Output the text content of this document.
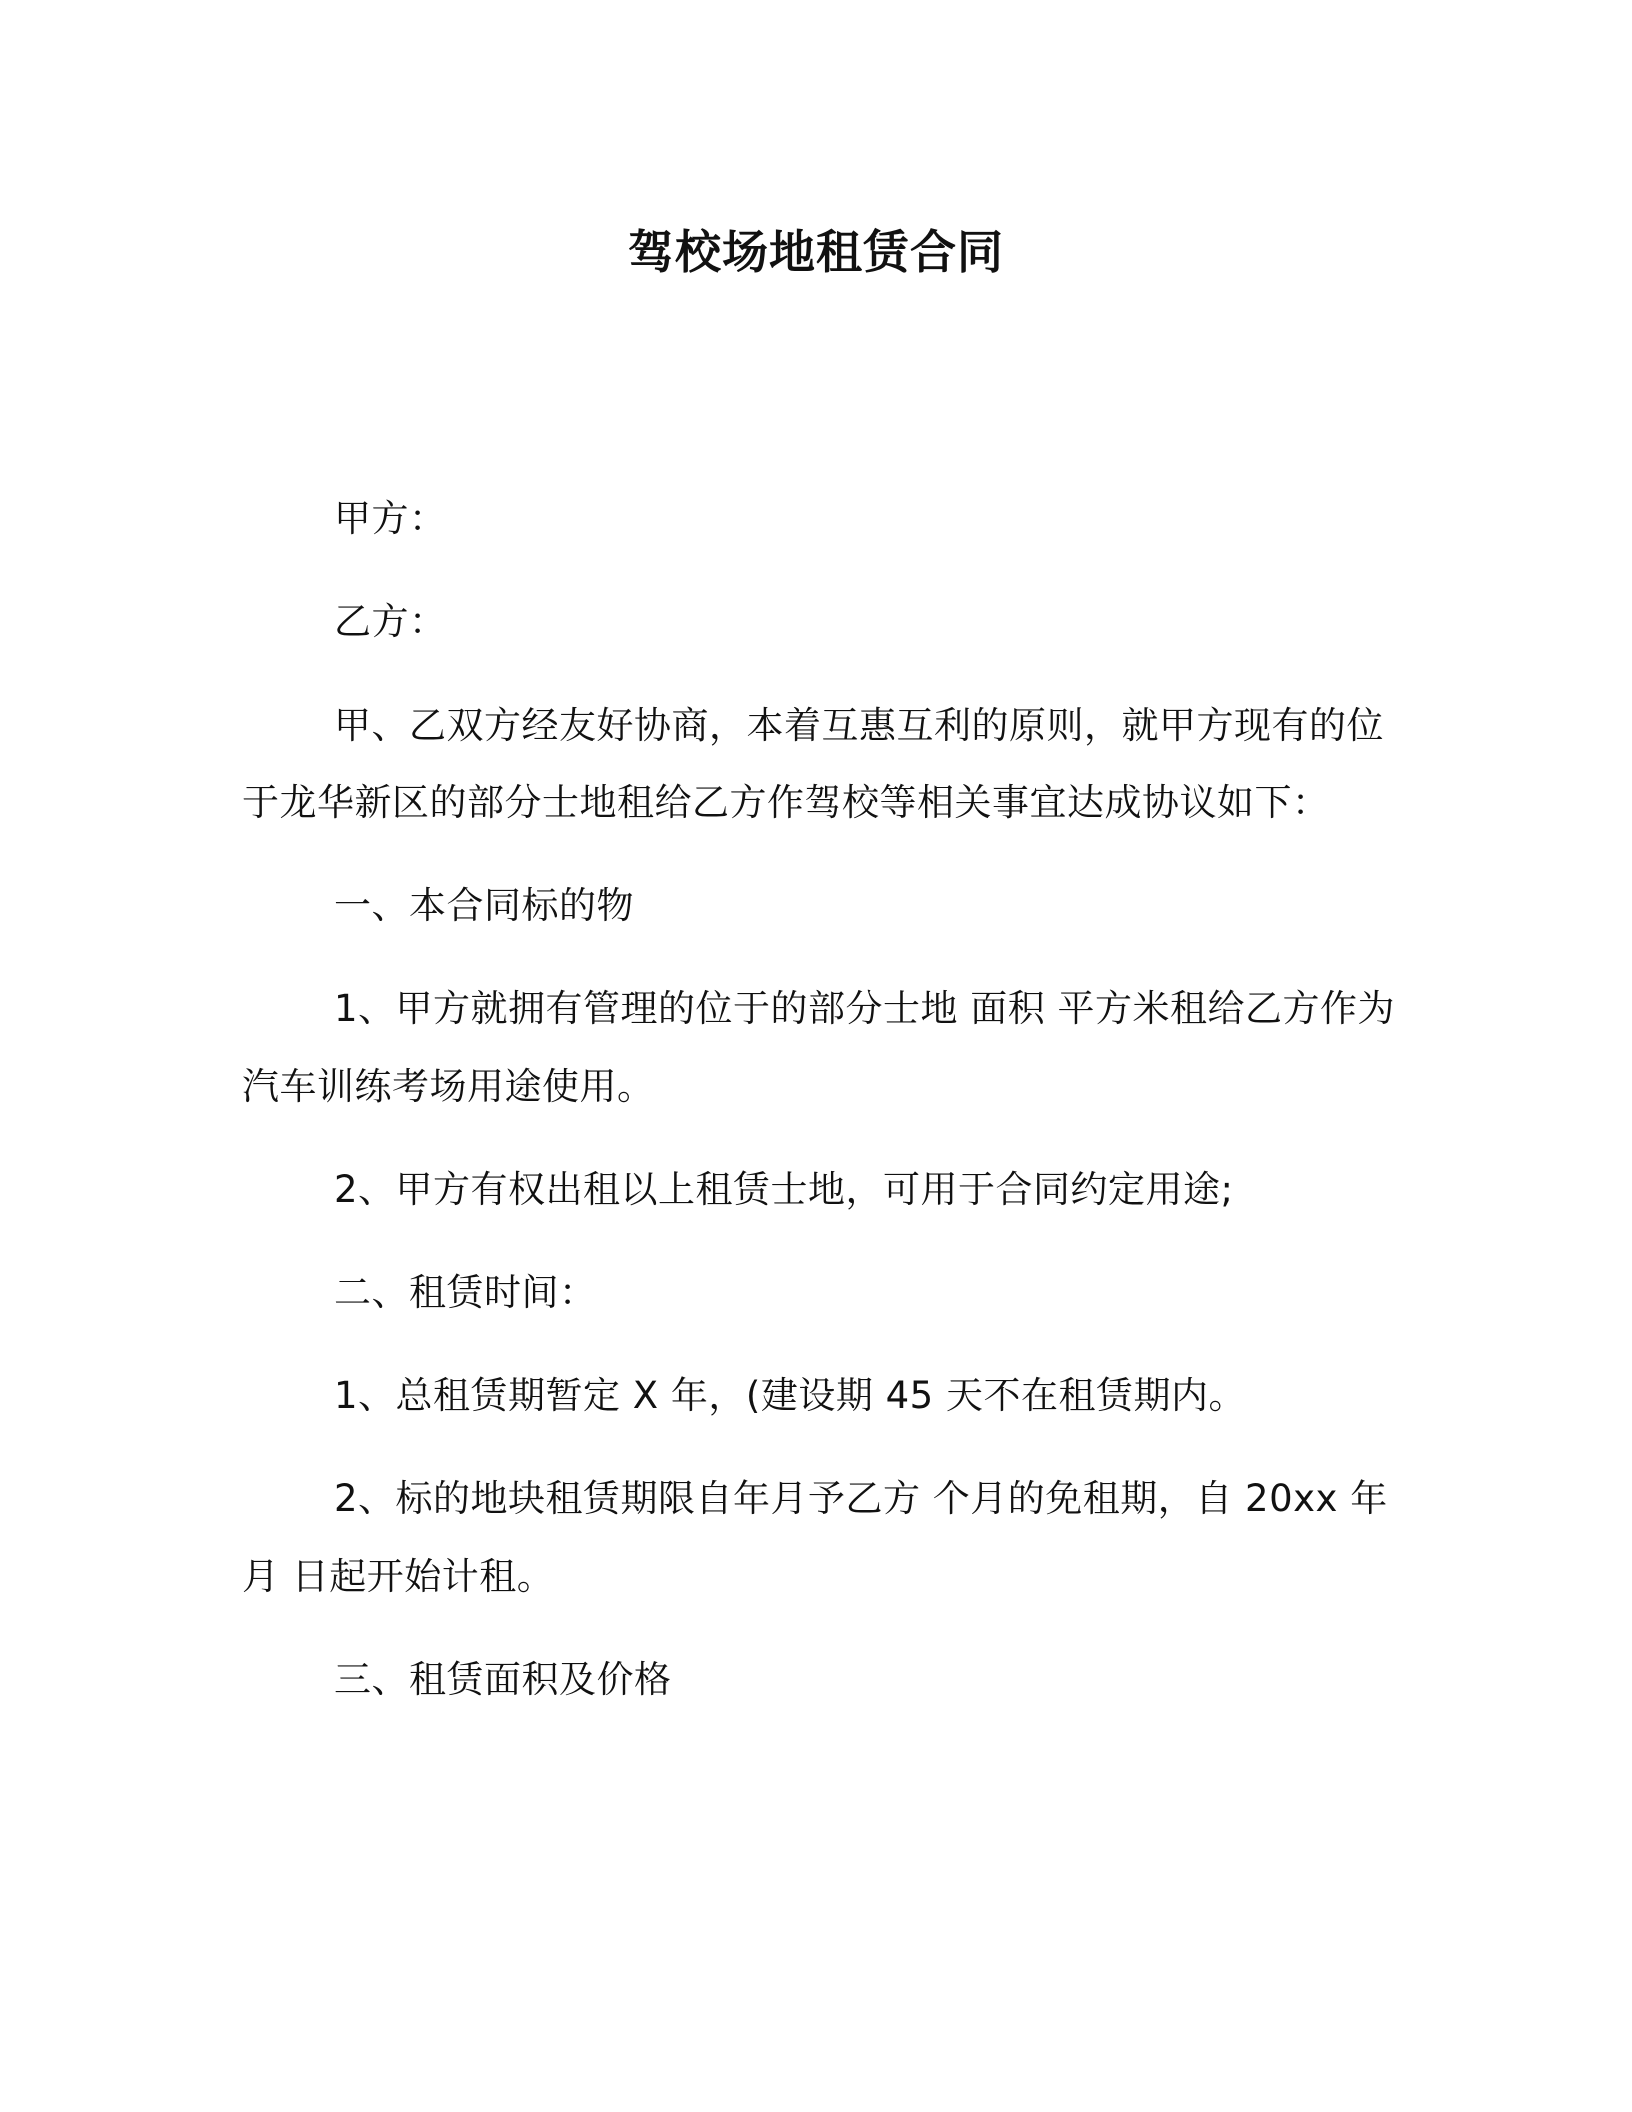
驾校场地租赁合同
甲方：
乙方：
甲、乙双方经友好协商，本着互惠互利的原则，就甲方现有的位
于龙华新区的部分士地租给乙方作驾校等相关事宜达成协议如下：
一、本合同标的物
1、甲方就拥有管理的位于的部分士地 面积 平方米租给乙方作为
汽车训练考场用途使用。
2、甲方有权出租以上租赁士地，可用于合同约定用途;
二、租赁时间：
1、总租赁期暂定 X 年，(建设期 45 天不在租赁期内。
2、标的地块租赁期限自年月予乙方 个月的免租期，自 20xx 年
月 日起开始计租。
三、租赁面积及价格
